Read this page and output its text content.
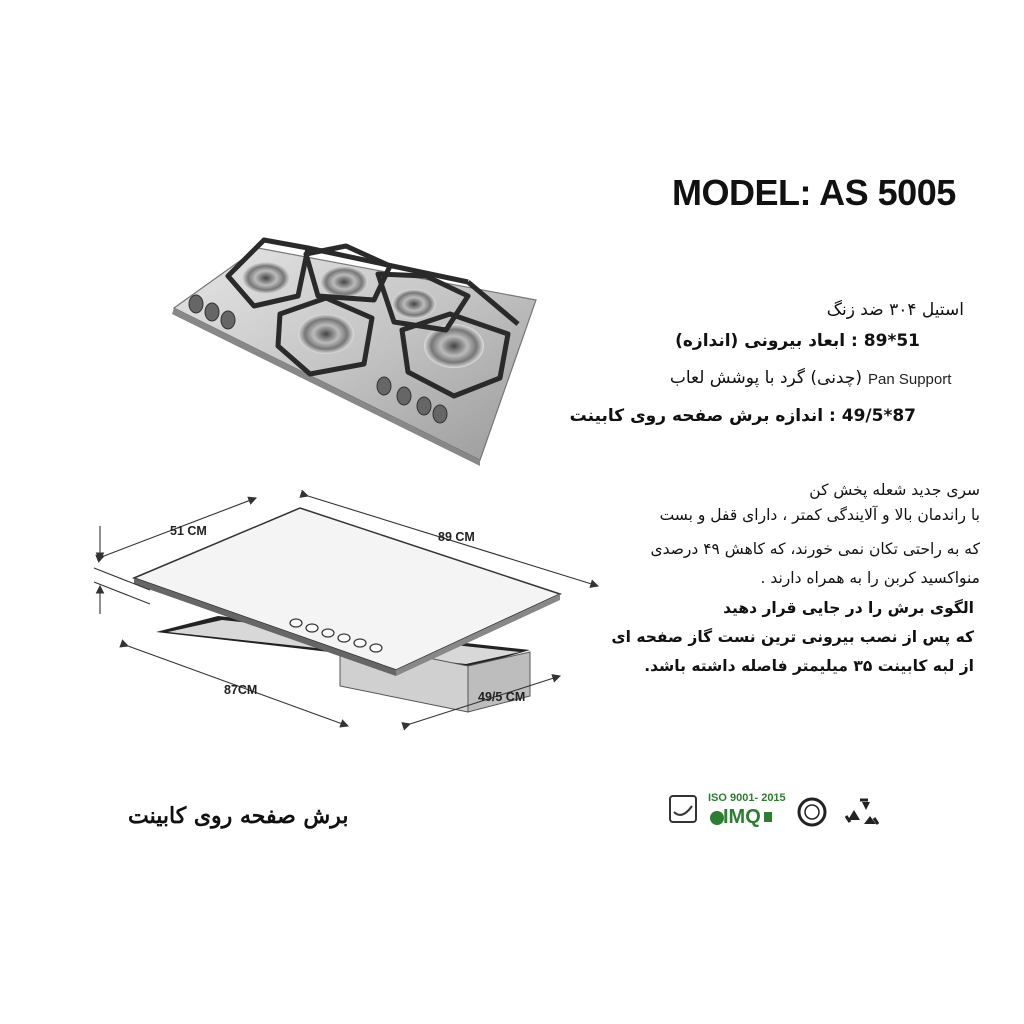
MODEL: AS 5005
استیل ۳۰۴ ضد زنگ
51*89 : ابعاد بیرونی (اندازه)
(چدنی) گرد با پوشش لعاب Pan Support
87*49/5 : اندازه برش صفحه روی کابینت
سری جدید شعله پخش کن
با راندمان بالا و آلایندگی کمتر ، دارای قفل و بست
که به راحتی تکان نمی خورند، که کاهش ۴۹ درصدی
منواکسید کربن را به همراه دارند .
الگوی برش را در جایی قرار دهید
که پس از نصب بیرونی ترین نست گاز صفحه ای
از لبه کابینت ۳۵ میلیمتر فاصله داشته باشد.
51 CM	89 CM
87CM	49/5 CM
برش صفحه روی کابینت
ISO 9001- 2015
IMQ
